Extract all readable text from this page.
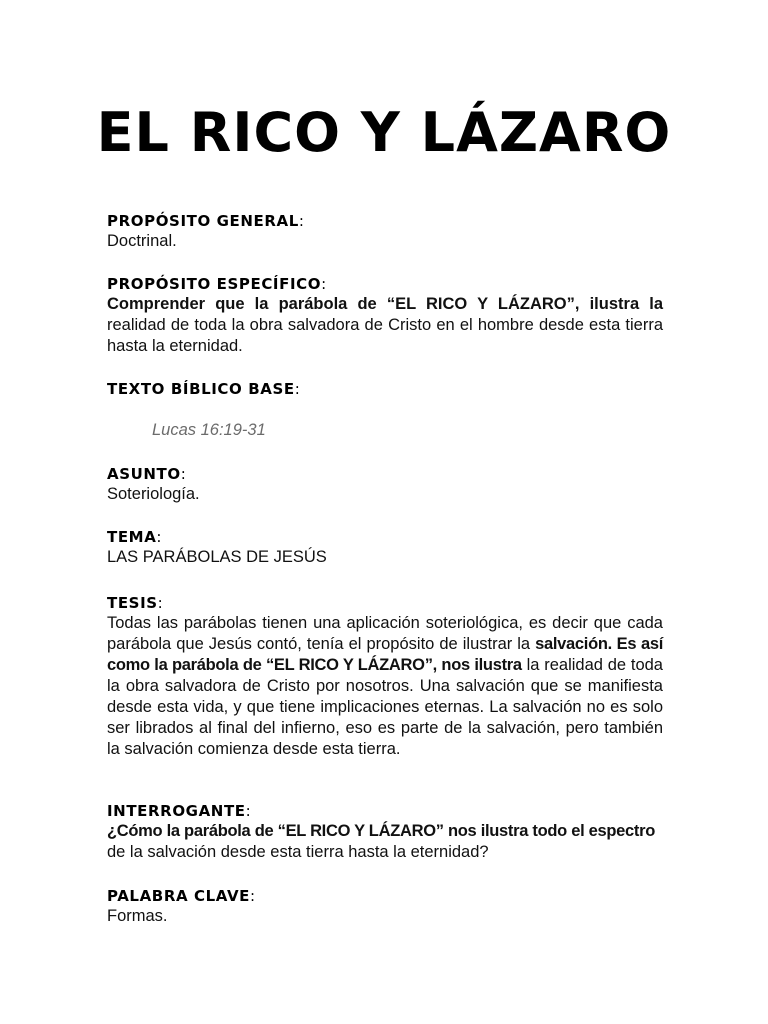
EL RICO Y LÁZARO
PROPÓSITO GENERAL:
Doctrinal.
PROPÓSITO ESPECÍFICO:
Comprender que la parábola de “EL RICO Y LÁZARO”, ilustra la realidad de toda la obra salvadora de Cristo en el hombre desde esta tierra hasta la eternidad.
TEXTO BÍBLICO BASE:
Lucas 16:19-31
ASUNTO:
Soteriología.
TEMA:
LAS PARÁBOLAS DE JESÚS
TESIS:
Todas las parábolas tienen una aplicación soteriológica, es decir que cada parábola que Jesús contó, tenía el propósito de ilustrar la salvación. Es así como la parábola de “EL RICO Y LÁZARO”, nos ilustra la realidad de toda la obra salvadora de Cristo por nosotros. Una salvación que se manifiesta desde esta vida, y que tiene implicaciones eternas. La salvación no es solo ser librados al final del infierno, eso es parte de la salvación, pero también la salvación comienza desde esta tierra.
INTERROGANTE:
¿Cómo la parábola de “EL RICO Y LÁZARO” nos ilustra todo el espectro de la salvación desde esta tierra hasta la eternidad?
PALABRA CLAVE:
Formas.
